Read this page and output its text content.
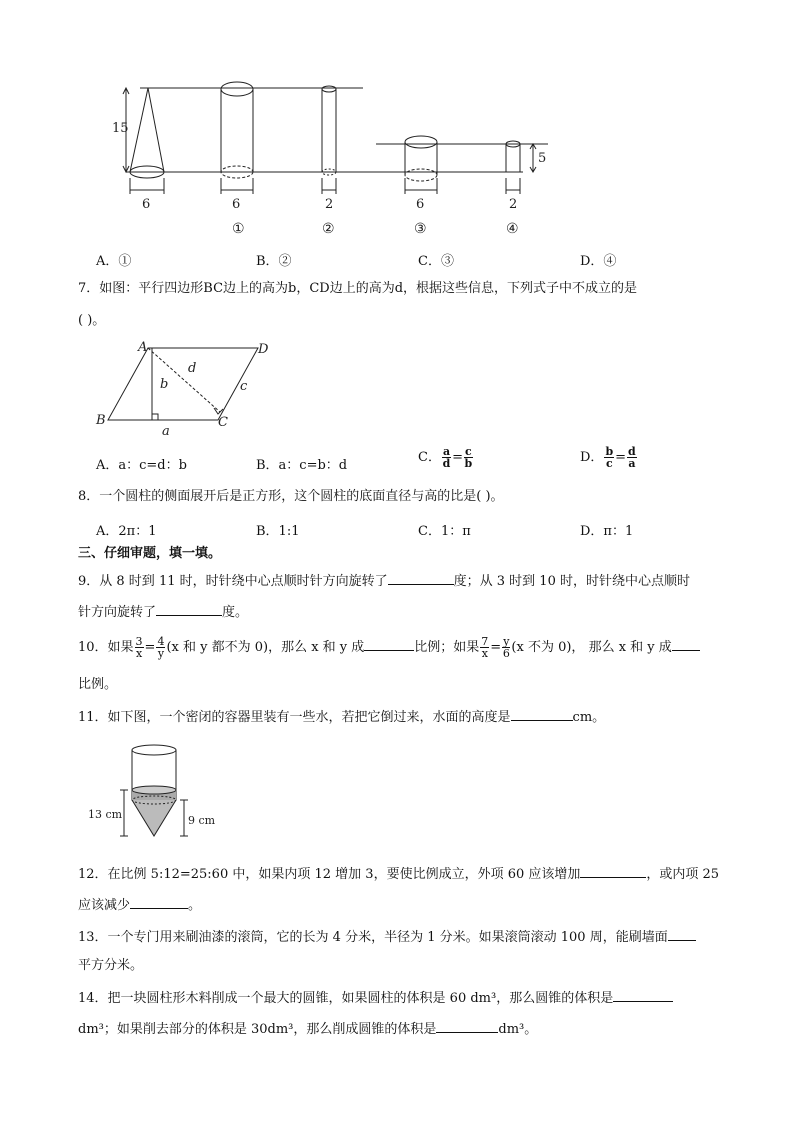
15
6	6	2	6	2
5
①	②	③	④
A．①	B．②	C．③	D．④
7．如图：平行四边形BC边上的高为b，CD边上的高为d，根据这些信息，下列式子中不成立的是
( )。
A	D
B	C
a
b	c
d
A．a：c=d：b	B．a：c=b：d
C． $\frac{a}{d} = \frac{c}{b}$	D． $\frac{b}{c} = \frac{d}{a}$
8．一个圆柱的侧面展开后是正方形，这个圆柱的底面直径与高的比是( )。
A．2π：1	B．1:1	C．1：π	D．π：1
三、仔细审题，填一填。
9．从 8 时到 11 时，时针绕中心点顺时针方向旋转了	度；从 3 时到 10 时，时针绕中心点顺时
针方向旋转了	度。
10．如果 $\frac{3}{x} = \frac{4}{y} (x$ 和 y 都不为 0)，那么 x 和 y 成	比例；如果 $\frac{7}{x} = \frac{y}{6} (x$ 不为 0)， 那么 x 和 y 成
比例。
11．如下图，一个密闭的容器里装有一些水，若把它倒过来，水面的高度是	cm。
13 cm	9 cm
12．在比例 5:12=25:60 中，如果内项 12 增加 3，要使比例成立，外项 60 应该增加	，或内项 25
应该减少	。
13．一个专门用来刷油漆的滚筒，它的长为 4 分米，半径为 1 分米。如果滚筒滚动 100 周，能刷墙面
平方分米。
14．把一块圆柱形木料削成一个最大的圆锥，如果圆柱的体积是 60 dm³，那么圆锥的体积是
dm³；如果削去部分的体积是 30dm³，那么削成圆锥的体积是	dm³。
